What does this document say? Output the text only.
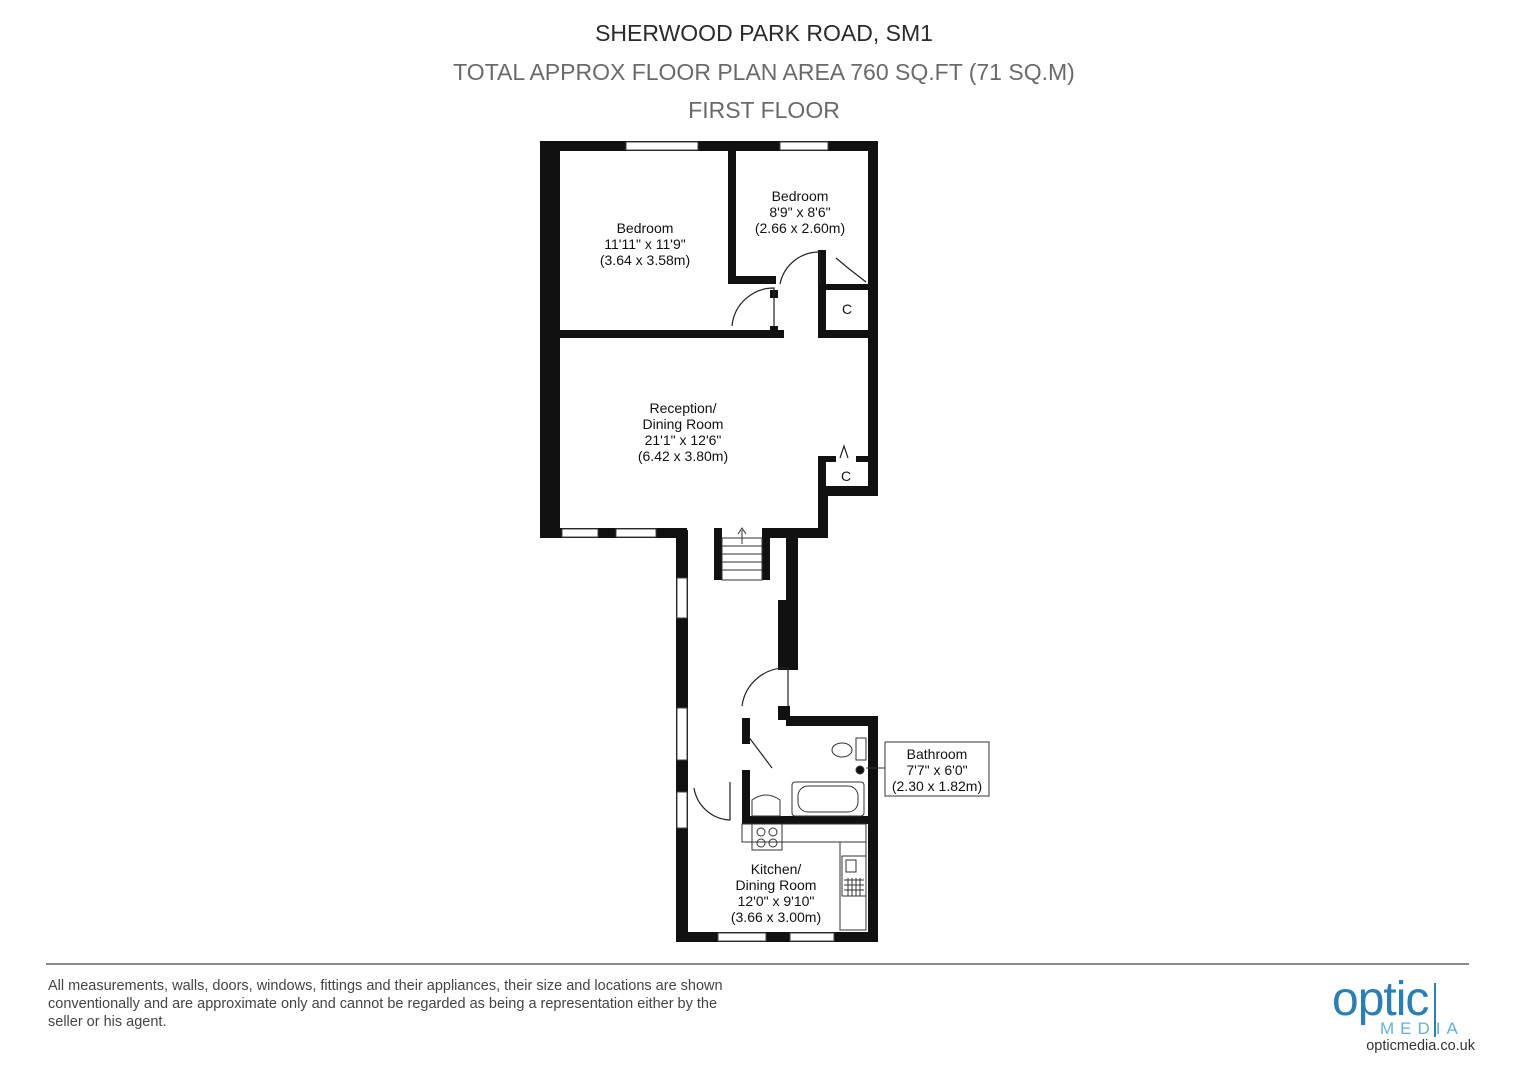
SHERWOOD PARK ROAD, SM1
TOTAL APPROX FLOOR PLAN AREA 760 SQ.FT (71 SQ.M)
FIRST FLOOR
Bedroom
11'11" x 11'9"
(3.64 x 3.58m)
Bedroom
8'9" x 8'6"
(2.66 x 2.60m)
Reception/
Dining Room
21'1" x 12'6"
(6.42 x 3.80m)
Bathroom
7'7" x 6'0"
(2.30 x 1.82m)
Kitchen/
Dining Room
12'0" x 9'10"
(3.66 x 3.00m)
C
C
All measurements, walls, doors, windows, fittings and their appliances, their size and locations are shown conventionally and are approximate only and cannot be regarded as being a representation either by the seller or his agent.	optic
MEDIA
opticmedia.co.uk
